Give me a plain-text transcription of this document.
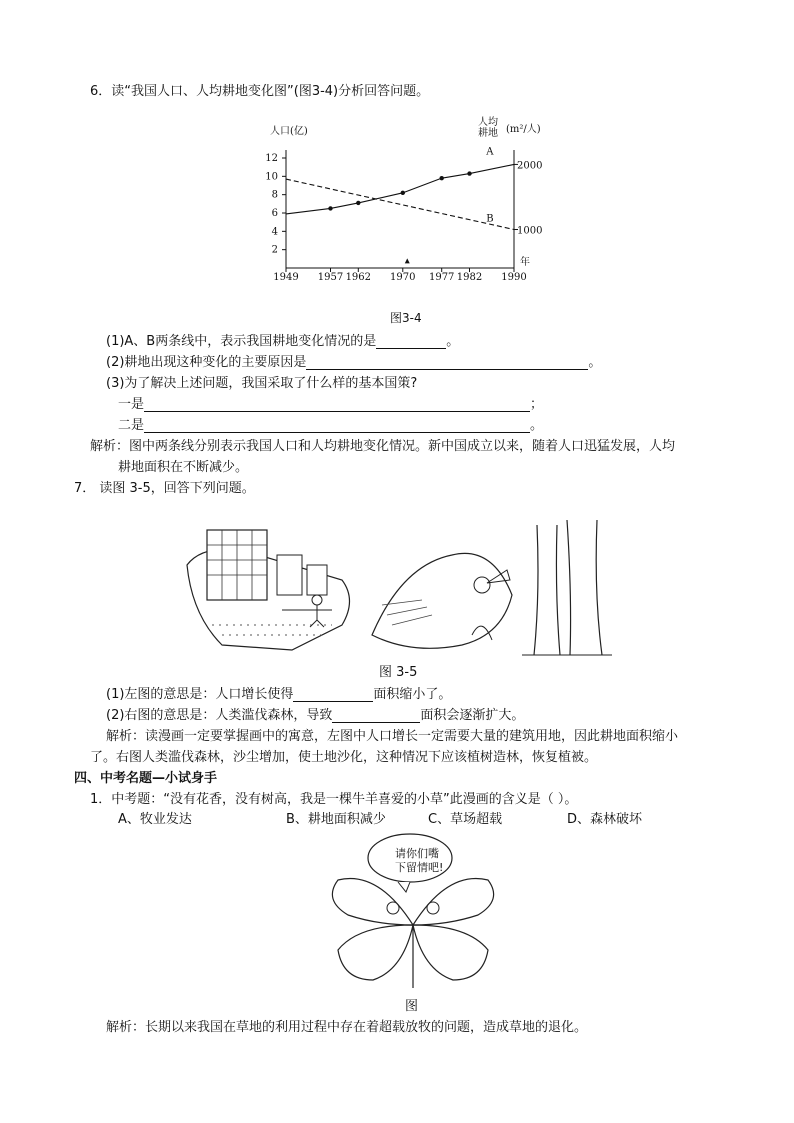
6．读“我国人口、人均耕地变化图”(图3-4)分析回答问题。
2
4
6
8
10
12
1000
2000
1949 1957 1962 1970 1977 1982 1990
年
人口(亿)
人均
耕地 (m²/人)
A
B
▴
图3-4
(1)A、B两条线中，表示我国耕地变化情况的是	。
(2)耕地出现这种变化的主要原因是	。
(3)为了解决上述问题，我国采取了什么样的基本国策?
一是	；
二是	。
解析：图中两条线分别表示我国人口和人均耕地变化情况。新中国成立以来，随着人口迅猛发展，人均
耕地面积在不断减少。
7． 读图 3-5，回答下列问题。
图 3-5
(1)左图的意思是：人口增长使得	面积缩小了。
(2)右图的意思是：人类滥伐森林，导致	面积会逐渐扩大。
解析：读漫画一定要掌握画中的寓意，左图中人口增长一定需要大量的建筑用地，因此耕地面积缩小
了。右图人类滥伐森林，沙尘增加，使土地沙化，这种情况下应该植树造林，恢复植被。
四、中考名题—小试身手
1．中考题：“没有花香，没有树高，我是一棵牛羊喜爱的小草”此漫画的含义是（ ）。
A、牧业发达	B、耕地面积减少	C、草场超载	D、森林破坏
请你们嘴
下留情吧!
图
解析：长期以来我国在草地的利用过程中存在着超载放牧的问题，造成草地的退化。
